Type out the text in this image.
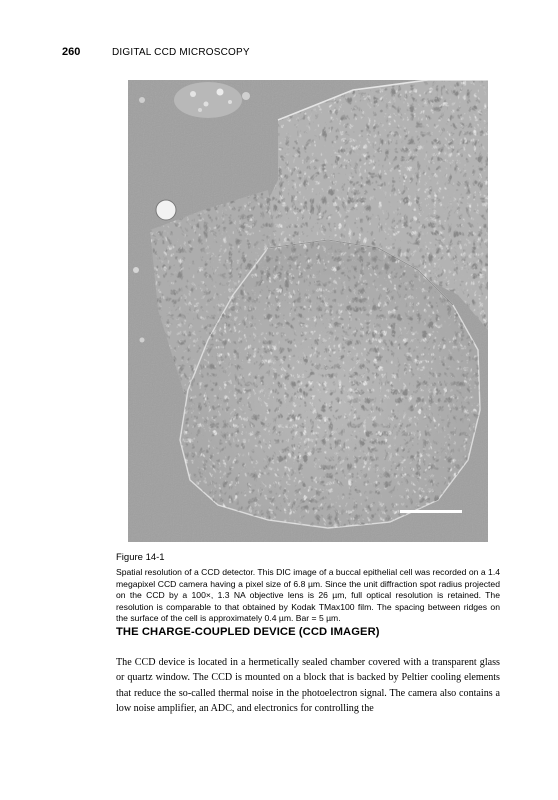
260	DIGITAL CCD MICROSCOPY
Figure 14-1
Spatial resolution of a CCD detector. This DIC image of a buccal epithelial cell was recorded on a 1.4 megapixel CCD camera having a pixel size of 6.8 µm. Since the unit diffraction spot radius projected on the CCD by a 100×, 1.3 NA objective lens is 26 µm, full optical resolution is retained. The resolution is comparable to that obtained by Kodak TMax100 film. The spacing between ridges on the surface of the cell is approximately 0.4 µm. Bar = 5 µm.
THE CHARGE-COUPLED DEVICE (CCD IMAGER)
The CCD device is located in a hermetically sealed chamber covered with a transparent glass or quartz window. The CCD is mounted on a block that is backed by Peltier cooling elements that reduce the so-called thermal noise in the photoelectron signal. The camera also contains a low noise amplifier, an ADC, and electronics for controlling the
